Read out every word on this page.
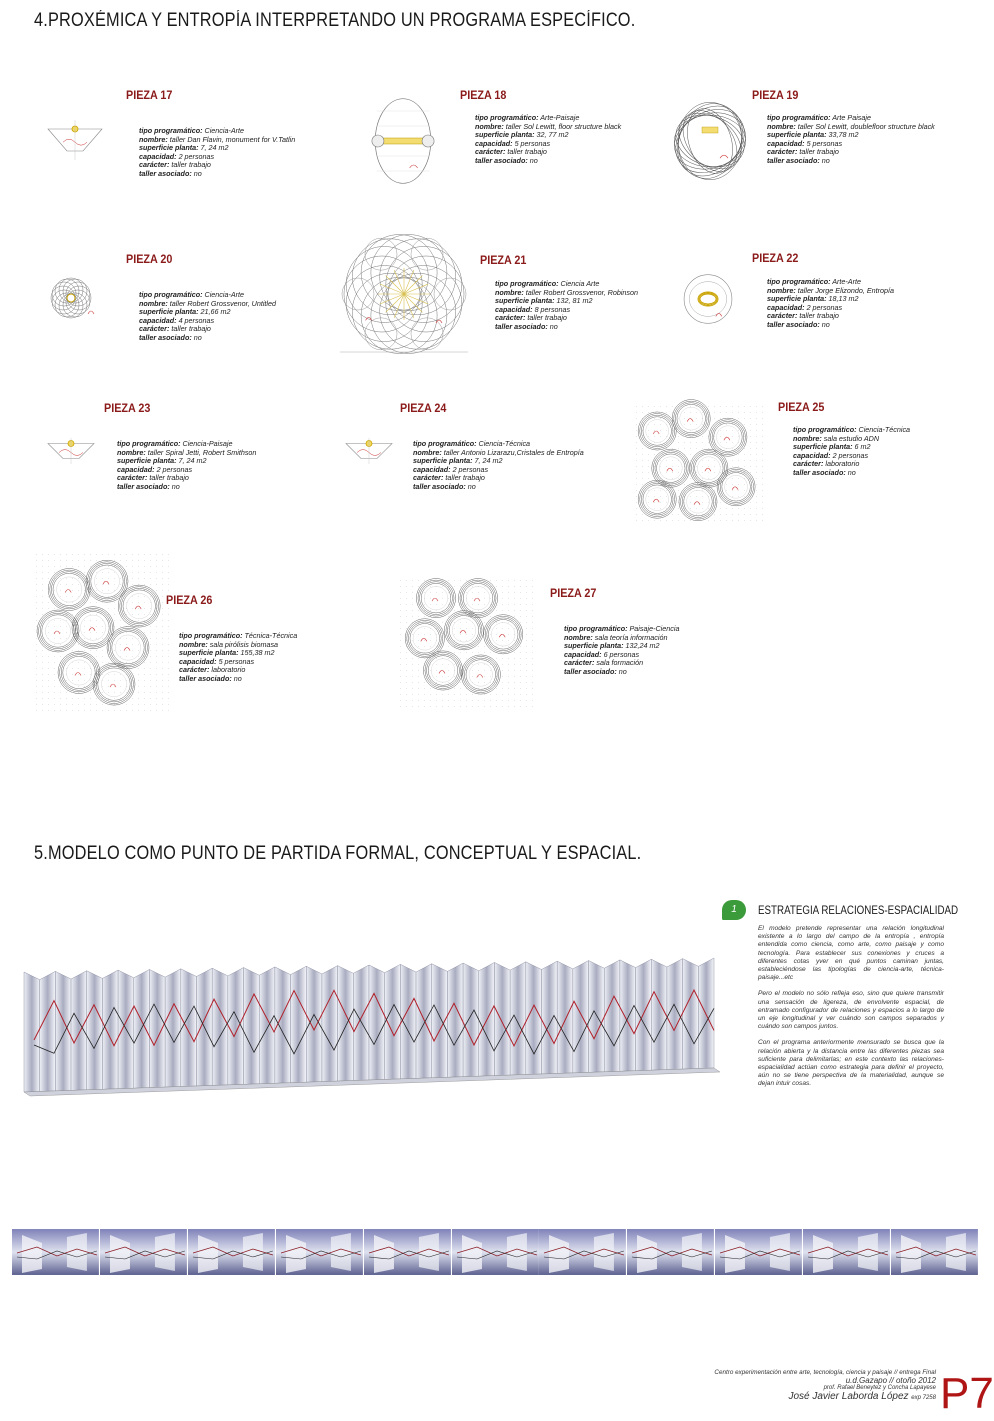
4.PROXÉMICA Y ENTROPÍA INTERPRETANDO UN PROGRAMA ESPECÍFICO.
PIEZA 17
tipo programático: Ciencia-Arte
nombre: taller Dan Flavin, monument for V.Tatlin
superficie planta: 7, 24 m2
capacidad: 2 personas
carácter: taller trabajo
taller asociado: no
PIEZA 18
tipo programático: Arte-Paisaje
nombre: taller Sol Lewitt, floor structure black
superficie planta: 32, 77 m2
capacidad: 5 personas
carácter: taller trabajo
taller asociado: no
PIEZA 19
tipo programático: Arte Paisaje
nombre: taller Sol Lewitt, doublefloor structure black
superficie planta: 33,78 m2
capacidad: 5 personas
carácter: taller trabajo
taller asociado: no
PIEZA 20
tipo programático: Ciencia-Arte
nombre: taller Robert Grossvenor, Untitled
superficie planta: 21,66 m2
capacidad: 4 personas
carácter: taller trabajo
taller asociado: no
PIEZA 21
tipo programático: Ciencia Arte
nombre: taller Robert Grossvenor, Robinson
superficie planta: 132, 81 m2
capacidad: 8 personas
carácter: taller trabajo
taller asociado: no
PIEZA 22
tipo programático: Arte-Arte
nombre: taller Jorge Elizondo, Entropía
superficie planta: 18,13 m2
capacidad: 2 personas
carácter: taller trabajo
taller asociado: no
PIEZA 23
tipo programático: Ciencia-Paisaje
nombre: taller Spiral Jetti, Robert Smithson
superficie planta: 7, 24 m2
capacidad: 2 personas
carácter: taller trabajo
taller asociado: no
PIEZA 24
tipo programático: Ciencia-Técnica
nombre: taller Antonio Lizarazu,Cristales de Entropía
superficie planta: 7, 24 m2
capacidad: 2 personas
carácter: taller trabajo
taller asociado: no
PIEZA 25
tipo programático: Ciencia-Técnica
nombre: sala estudio ADN
superficie planta: 6 m2
capacidad: 2 personas
carácter: laboratorio
taller asociado: no
PIEZA 26
tipo programático: Técnica-Técnica
nombre: sala pirólisis biomasa
superficie planta: 155,38 m2
capacidad: 5 personas
carácter: laboratorio
taller asociado: no
PIEZA 27
tipo programático: Paisaje-Ciencia
nombre: sala teoría información
superficie planta: 132,24 m2
capacidad: 6 personas
carácter: sala formación
taller asociado: no
5.MODELO COMO PUNTO DE PARTIDA FORMAL, CONCEPTUAL Y ESPACIAL.
1	ESTRATEGIA RELACIONES-ESPACIALIDAD

El modelo pretende representar una relación longitudinal existente a lo largo del campo de la entropía , entropía entendida como ciencia, como arte, como paisaje y como tecnología. Para establecer sus conexiones y cruces a diferentes cotas yver en qué puntos caminan juntas, estableciéndose las tipologías de ciencia-arte, técnica-paisaje...etc

Pero el modelo no sólo refleja eso, sino que quiere transmitir una sensación de ligereza, de envolvente espacial, de entramado configurador de relaciones y espacios a lo largo de un eje longitudinal y ver cuándo son campos separados y cuándo son campos juntos.

Con el programa anteriormente mensurado se busca que la relación abierta y la distancia entre las diferentes piezas sea suficiente para delimitarlas; en este contexto las relaciones-espacialidad actúan como estrategia para definir el proyecto, aún no se tiene perspectiva de la materialidad, aunque se dejan intuir cosas.

Centro experimentación entre arte, tecnología, ciencia y paisaje // entrega Final
u.d.Gazapo // otoño 2012
prof. Rafael Beneytez y Concha Lapayese
José Javier Laborda López exp 7258 P7
